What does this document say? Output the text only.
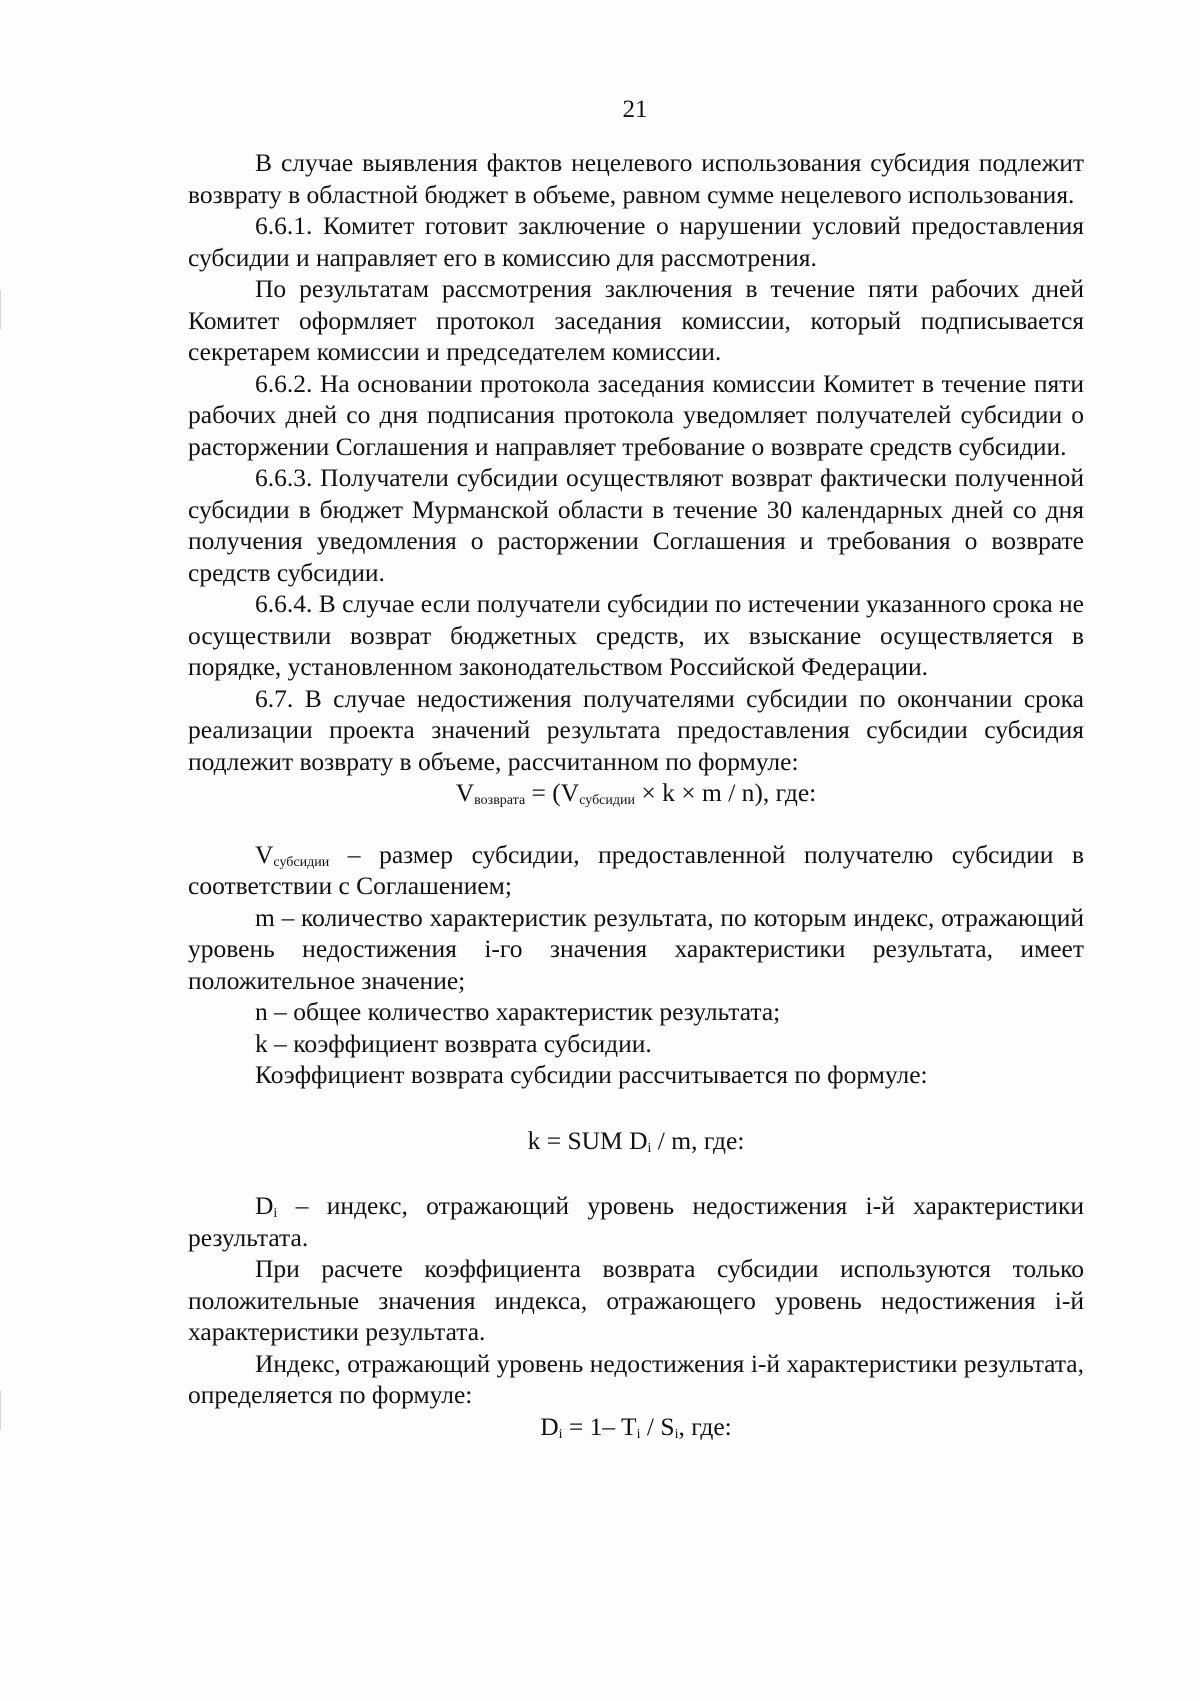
21

В случае выявления фактов нецелевого использования субсидия подлежит возврату в областной бюджет в объеме, равном сумме нецелевого использования.

6.6.1. Комитет готовит заключение о нарушении условий предоставления субсидии и направляет его в комиссию для рассмотрения.

По результатам рассмотрения заключения в течение пяти рабочих дней Комитет оформляет протокол заседания комиссии, который подписывается секретарем комиссии и председателем комиссии.

6.6.2. На основании протокола заседания комиссии Комитет в течение пяти рабочих дней со дня подписания протокола уведомляет получателей субсидии о расторжении Соглашения и направляет требование о возврате средств субсидии.

6.6.3. Получатели субсидии осуществляют возврат фактически полученной субсидии в бюджет Мурманской области в течение 30 календарных дней со дня получения уведомления о расторжении Соглашения и требования о возврате средств субсидии.

6.6.4. В случае если получатели субсидии по истечении указанного срока не осуществили возврат бюджетных средств, их взыскание осуществляется в порядке, установленном законодательством Российской Федерации.

6.7. В случае недостижения получателями субсидии по окончании срока реализации проекта значений результата предоставления субсидии субсидия подлежит возврату в объеме, рассчитанном по формуле:

$V_{возврата} = (V_{субсидии} \times k \times m / n)$, где:

$V_{субсидии}$ – размер субсидии, предоставленной получателю субсидии в соответствии с Соглашением;

m – количество характеристик результата, по которым индекс, отражающий уровень недостижения i-го значения характеристики результата, имеет положительное значение;

n – общее количество характеристик результата;

k – коэффициент возврата субсидии.

Коэффициент возврата субсидии рассчитывается по формуле:

k = SUM $D_i$ / m, где:

$D_i$ – индекс, отражающий уровень недостижения i-й характеристики результата.

При расчете коэффициента возврата субсидии используются только положительные значения индекса, отражающего уровень недостижения i-й характеристики результата.

Индекс, отражающий уровень недостижения i-й характеристики результата, определяется по формуле:

$D_i = 1-$ $T_i / S_i$, где:
